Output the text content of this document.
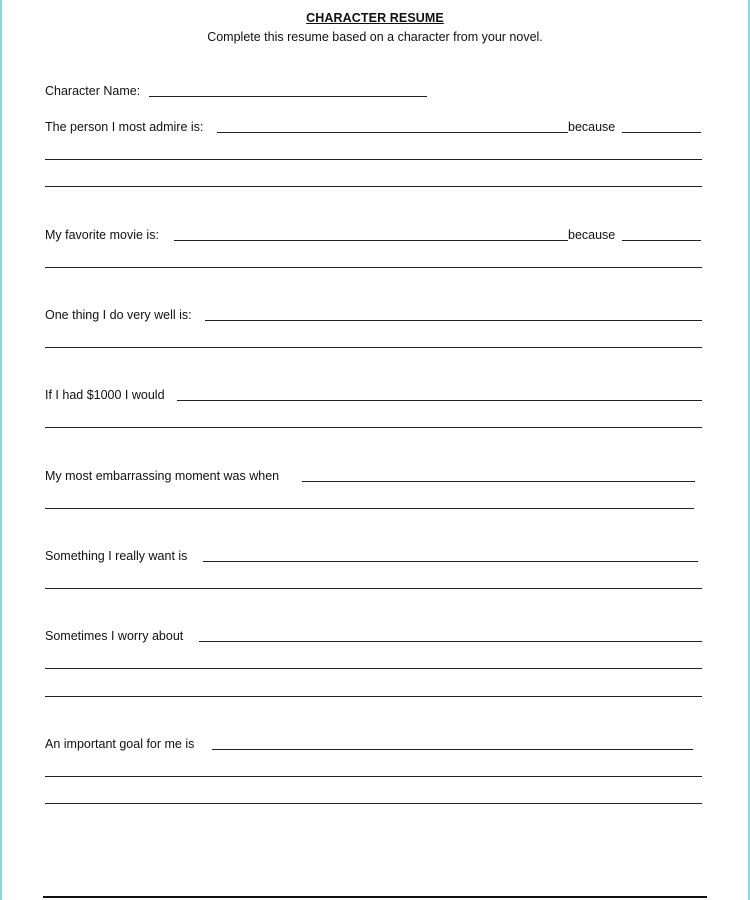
CHARACTER RESUME
Complete this resume based on a character from your novel.
Character Name:
The person I most admire is:	because
My favorite movie is:	because
One thing I do very well is:
If I had $1000 I would
My most embarrassing moment was when
Something I really want is
Sometimes I worry about
An important goal for me is
